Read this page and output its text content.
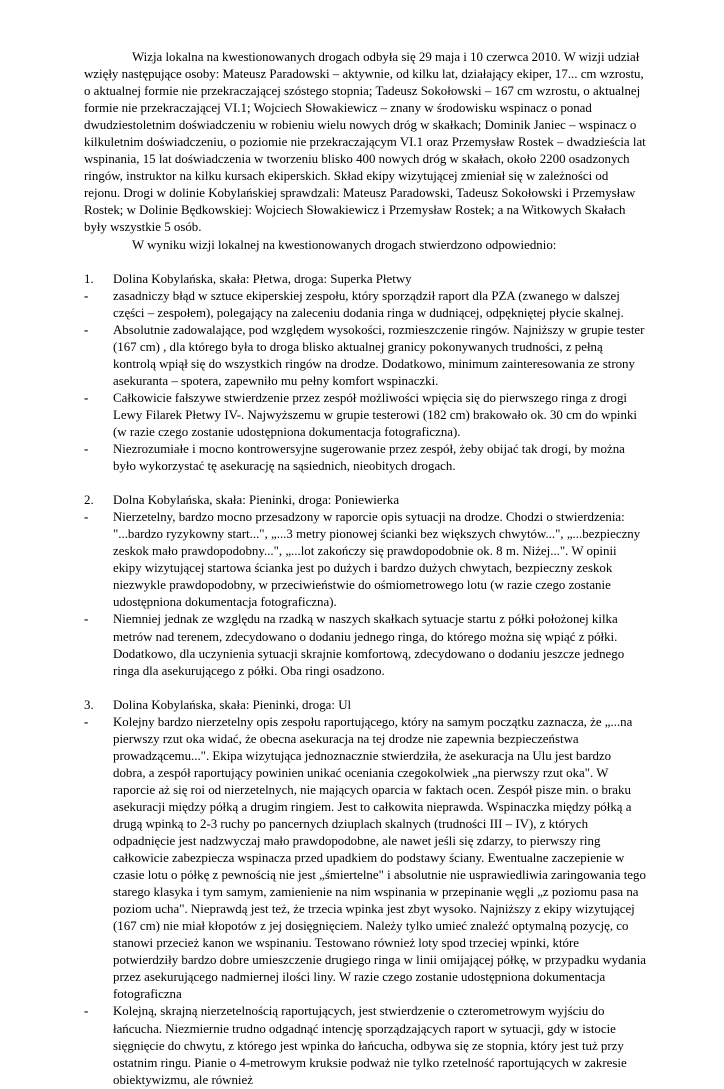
Wizja lokalna na kwestionowanych drogach odbyła się 29 maja i 10 czerwca 2010. W wizji udział wzięły następujące osoby: Mateusz Paradowski – aktywnie, od kilku lat, działający ekiper, 17... cm wzrostu, o aktualnej formie nie przekraczającej szóstego stopnia; Tadeusz Sokołowski – 167 cm wzrostu, o aktualnej formie nie przekraczającej VI.1; Wojciech Słowakiewicz – znany w środowisku wspinacz o ponad dwudziestoletnim doświadczeniu w robieniu wielu nowych dróg w skałkach; Dominik Janiec – wspinacz o kilkuletnim doświadczeniu, o poziomie nie przekraczającym VI.1 oraz Przemysław Rostek – dwadzieścia lat wspinania, 15 lat doświadczenia w tworzeniu blisko 400 nowych dróg w skałach, około 2200 osadzonych ringów, instruktor na kilku kursach ekiperskich. Skład ekipy wizytującej zmieniał się w zależności od rejonu. Drogi w dolinie Kobylańskiej sprawdzali: Mateusz Paradowski, Tadeusz Sokołowski i Przemysław Rostek; w Dolinie Będkowskiej: Wojciech Słowakiewicz i Przemysław Rostek; a na Witkowych Skałach były wszystkie 5 osób.

W wyniku wizji lokalnej na kwestionowanych drogach stwierdzono odpowiednio:

1. Dolina Kobylańska, skała: Płetwa, droga: Superka Płetwy

- zasadniczy błąd w sztuce ekiperskiej zespołu, który sporządził raport dla PZA (zwanego w dalszej części – zespołem), polegający na zaleceniu dodania ringa w dudniącej, odpękniętej płycie skalnej.

- Absolutnie zadowalające, pod względem wysokości, rozmieszczenie ringów. Najniższy w grupie tester (167 cm) , dla którego była to droga blisko aktualnej granicy pokonywanych trudności, z pełną kontrolą wpiął się do wszystkich ringów na drodze. Dodatkowo, minimum zainteresowania ze strony asekuranta – spotera, zapewniło mu pełny komfort wspinaczki.

- Całkowicie fałszywe stwierdzenie przez zespół możliwości wpięcia się do pierwszego ringa z drogi Lewy Filarek Płetwy IV-. Najwyższemu w grupie testerowi (182 cm) brakowało ok. 30 cm do wpinki (w razie czego zostanie udostępniona dokumentacja fotograficzna).

- Niezrozumiałe i mocno kontrowersyjne sugerowanie przez zespół, żeby obijać tak drogi, by można było wykorzystać tę asekurację na sąsiednich, nieobitych drogach.

2. Dolna Kobylańska, skała: Pieninki, droga: Poniewierka

- Nierzetelny, bardzo mocno przesadzony w raporcie opis sytuacji na drodze. Chodzi o stwierdzenia: "...bardzo ryzykowny start...", „...3 metry pionowej ścianki bez większych chwytów...", „...bezpieczny zeskok mało prawdopodobny...", „...lot zakończy się prawdopodobnie ok. 8 m. Niżej...". W opinii ekipy wizytującej startowa ścianka jest po dużych i bardzo dużych chwytach, bezpieczny zeskok niezwykle prawdopodobny, w przeciwieństwie do ośmiometrowego lotu (w razie czego zostanie udostępniona dokumentacja fotograficzna).

- Niemniej jednak ze względu na rzadką w naszych skałkach sytuacje startu z półki położonej kilka metrów nad terenem, zdecydowano o dodaniu jednego ringa, do którego można się wpiąć z półki. Dodatkowo, dla uczynienia sytuacji skrajnie komfortową, zdecydowano o dodaniu jeszcze jednego ringa dla asekurującego z półki. Oba ringi osadzono.

3. Dolina Kobylańska, skała: Pieninki, droga: Ul

- Kolejny bardzo nierzetelny opis zespołu raportującego, który na samym początku zaznacza, że „...na pierwszy rzut oka widać, że obecna asekuracja na tej drodze nie zapewnia bezpieczeństwa prowadzącemu...". Ekipa wizytująca jednoznacznie stwierdziła, że asekuracja na Ulu jest bardzo dobra, a zespół raportujący powinien unikać oceniania czegokolwiek „na pierwszy rzut oka". W raporcie aż się roi od nierzetelnych, nie mających oparcia w faktach ocen. Zespół pisze min. o braku asekuracji między półką a drugim ringiem. Jest to całkowita nieprawda. Wspinaczka między półką a drugą wpinką to 2-3 ruchy po pancernych dziuplach skalnych (trudności III – IV), z których odpadnięcie jest nadzwyczaj mało prawdopodobne, ale nawet jeśli się zdarzy, to pierwszy ring całkowicie zabezpiecza wspinacza przed upadkiem do podstawy ściany. Ewentualne zaczepienie w czasie lotu o półkę z pewnością nie jest „śmiertelne" i absolutnie nie usprawiedliwia zaringowania tego starego klasyka i tym samym, zamienienie na nim wspinania w przepinanie węgli „z poziomu pasa na poziom ucha". Nieprawdą jest też, że trzecia wpinka jest zbyt wysoko. Najniższy z ekipy wizytującej (167 cm) nie miał kłopotów z jej dosięgnięciem. Należy tylko umieć znaleźć optymalną pozycję, co stanowi przecież kanon we wspinaniu. Testowano również loty spod trzeciej wpinki, które potwierdziły bardzo dobre umieszczenie drugiego ringa w linii omijającej półkę, w przypadku wydania przez asekurującego nadmiernej ilości liny. W razie czego zostanie udostępniona dokumentacja fotograficzna

- Kolejną, skrajną nierzetelnością raportujących, jest stwierdzenie o czterometrowym wyjściu do łańcucha. Niezmiernie trudno odgadnąć intencję sporządzających raport w sytuacji, gdy w istocie sięgnięcie do chwytu, z którego jest wpinka do łańcucha, odbywa się ze stopnia, który jest tuż przy ostatnim ringu. Pianie o 4-metrowym kruksie podważ nie tylko rzetelność raportujących w zakresie obiektywizmu, ale również
